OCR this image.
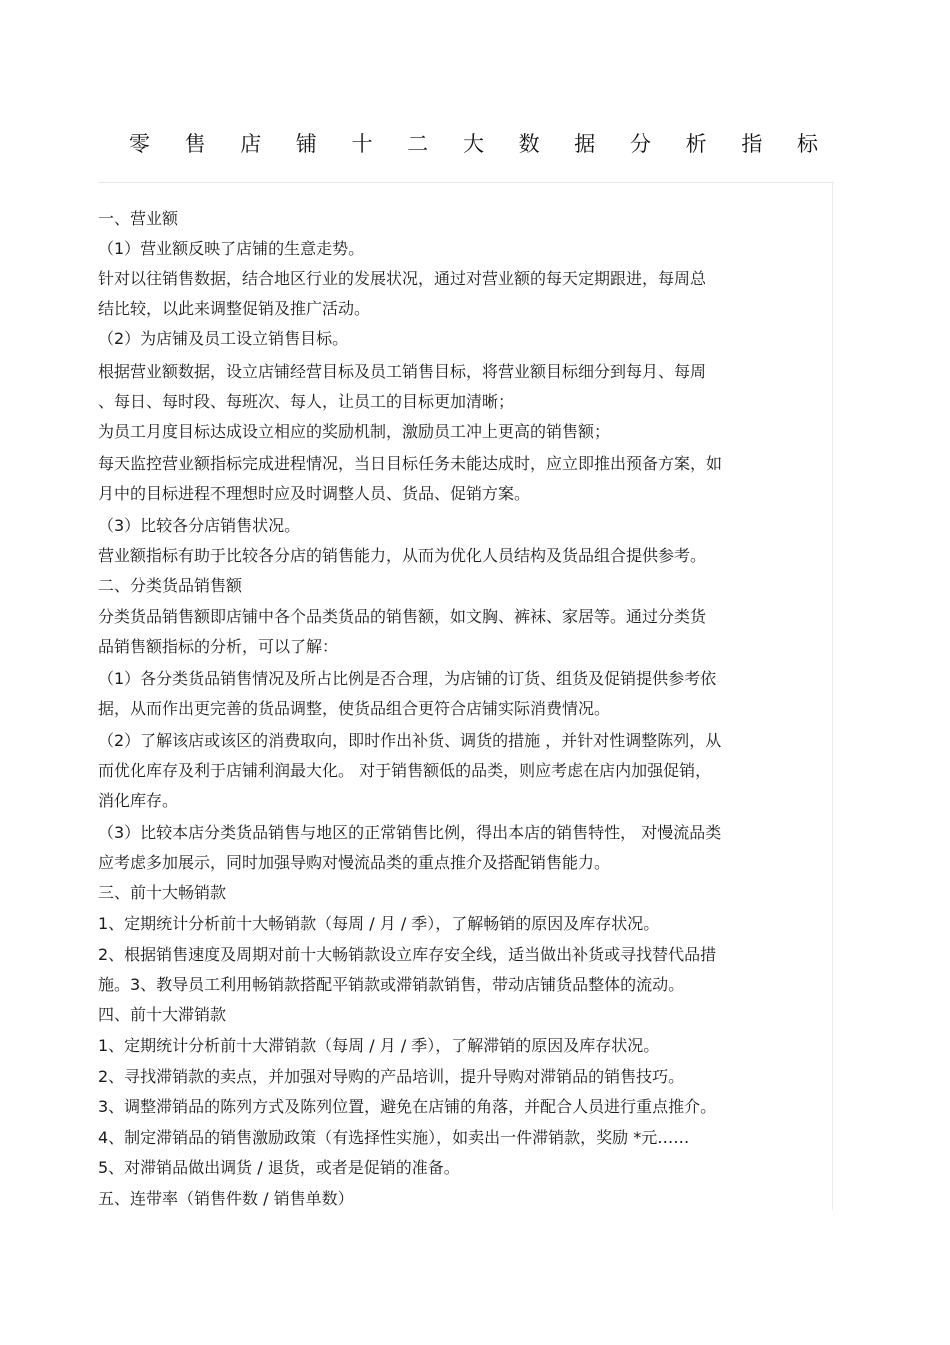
零 售 店 铺 十 二 大 数 据 分 析 指 标
一、营业额
（1）营业额反映了店铺的生意走势。
针对以往销售数据，结合地区行业的发展状况，通过对营业额的每天定期跟进，每周总
结比较，以此来调整促销及推广活动。
（2）为店铺及员工设立销售目标。
根据营业额数据，设立店铺经营目标及员工销售目标，将营业额目标细分到每月、每周
、每日、每时段、每班次、每人，让员工的目标更加清晰；
为员工月度目标达成设立相应的奖励机制，激励员工冲上更高的销售额；
每天监控营业额指标完成进程情况，当日目标任务未能达成时，应立即推出预备方案，如
月中的目标进程不理想时应及时调整人员、货品、促销方案。
（3）比较各分店销售状况。
营业额指标有助于比较各分店的销售能力，从而为优化人员结构及货品组合提供参考。
二、分类货品销售额
分类货品销售额即店铺中各个品类货品的销售额，如文胸、裤袜、家居等。通过分类货
品销售额指标的分析，可以了解：
（1）各分类货品销售情况及所占比例是否合理，为店铺的订货、组货及促销提供参考依
据，从而作出更完善的货品调整，使货品组合更符合店铺实际消费情况。
（2）了解该店或该区的消费取向，即时作出补货、调货的措施 ，并针对性调整陈列，从
而优化库存及利于店铺利润最大化。 对于销售额低的品类，则应考虑在店内加强促销，
消化库存。
（3）比较本店分类货品销售与地区的正常销售比例，得出本店的销售特性， 对慢流品类
应考虑多加展示，同时加强导购对慢流品类的重点推介及搭配销售能力。
三、前十大畅销款
1、定期统计分析前十大畅销款（每周 / 月 / 季），了解畅销的原因及库存状况。
2、根据销售速度及周期对前十大畅销款设立库存安全线，适当做出补货或寻找替代品措
施。3、教导员工利用畅销款搭配平销款或滞销款销售，带动店铺货品整体的流动。
四、前十大滞销款
1、定期统计分析前十大滞销款（每周 / 月 / 季），了解滞销的原因及库存状况。
2、寻找滞销款的卖点，并加强对导购的产品培训，提升导购对滞销品的销售技巧。
3、调整滞销品的陈列方式及陈列位置，避免在店铺的角落，并配合人员进行重点推介。
4、制定滞销品的销售激励政策（有选择性实施），如卖出一件滞销款，奖励 *元……
5、对滞销品做出调货 / 退货，或者是促销的准备。
五、连带率（销售件数 / 销售单数）
